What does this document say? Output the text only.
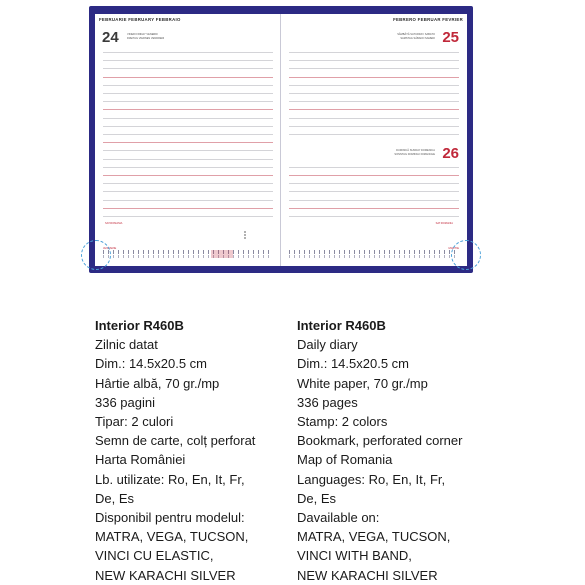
FEBRUARIE FEBRUARY FEBBRAIO
24	VINERI FRIDAY VENERDI
FREITAG VIERNES VENDREDI
SAT.ROMANIA
IANUARIE
FEBRERO FEBRUAR FEVRIER
25
SÂMBĂTĂ SATURDAY SABATO
SAMSTAG SÁBADO SAMEDI
26
DUMINICĂ SUNDAY DOMENICA
SONNTAG DOMINGO DIMANCHE
SAT.ROMANIA
MARTIE
Interior R460B
Zilnic datat
Dim.: 14.5x20.5 cm
Hârtie albă, 70 gr./mp
336 pagini
Tipar: 2 culori
Semn de carte, colț perforat
Harta României
Lb. utilizate: Ro, En, It, Fr,
De, Es
Disponibil pentru modelul:
MATRA, VEGA, TUCSON,
VINCI CU ELASTIC,
NEW KARACHI SILVER
Interior R460B
Daily diary
Dim.: 14.5x20.5 cm
White paper, 70 gr./mp
336 pages
Stamp: 2 colors
Bookmark, perforated corner
Map of Romania
Languages: Ro, En, It, Fr,
De, Es
Davailable on:
MATRA, VEGA, TUCSON,
VINCI WITH BAND,
NEW KARACHI SILVER
